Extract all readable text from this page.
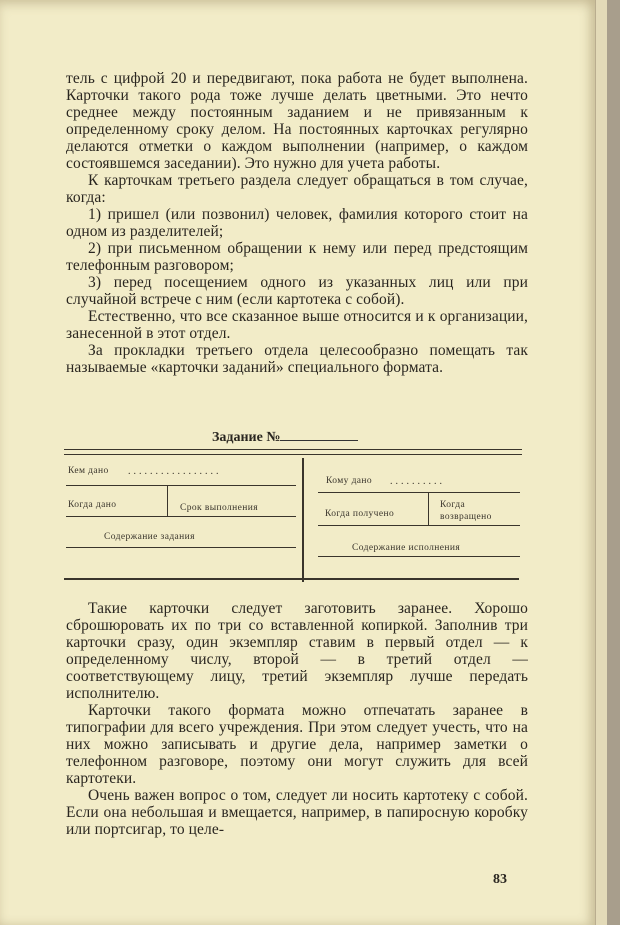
тель с цифрой 20 и передвигают, пока работа не будет выполнена. Карточки такого рода тоже лучше делать цветными. Это нечто среднее между постоянным заданием и не привязанным к определенному сроку делом. На постоянных карточках регулярно делаются отметки о каждом выполнении (например, о каждом состоявшемся заседании). Это нужно для учета работы.

К карточкам третьего раздела следует обращаться в том случае, когда:

1) пришел (или позвонил) человек, фамилия которого стоит на одном из разделителей;

2) при письменном обращении к нему или перед предстоящим телефонным разговором;

3) перед посещением одного из указанных лиц или при случайной встрече с ним (если картотека с собой).

Естественно, что все сказанное выше относится и к организации, занесенной в этот отдел.

За прокладки третьего отдела целесообразно помещать так называемые «карточки заданий» специального формата.

Задание №
Кем дано .................
Когда дано	Срок выполнения
Содержание задания
Кому дано ..........
Когда получено
Когда
возвращено
Содержание исполнения

Такие карточки следует заготовить заранее. Хорошо сброшюровать их по три со вставленной копиркой. Заполнив три карточки сразу, один экземпляр ставим в первый отдел — к определенному числу, второй — в третий отдел — соответствующему лицу, третий экземпляр лучше передать исполнителю.

Карточки такого формата можно отпечатать заранее в типографии для всего учреждения. При этом следует учесть, что на них можно записывать и другие дела, например заметки о телефонном разговоре, поэтому они могут служить для всей картотеки.

Очень важен вопрос о том, следует ли носить картотеку с собой. Если она небольшая и вмещается, например, в папиросную коробку или портсигар, то целе-

83
